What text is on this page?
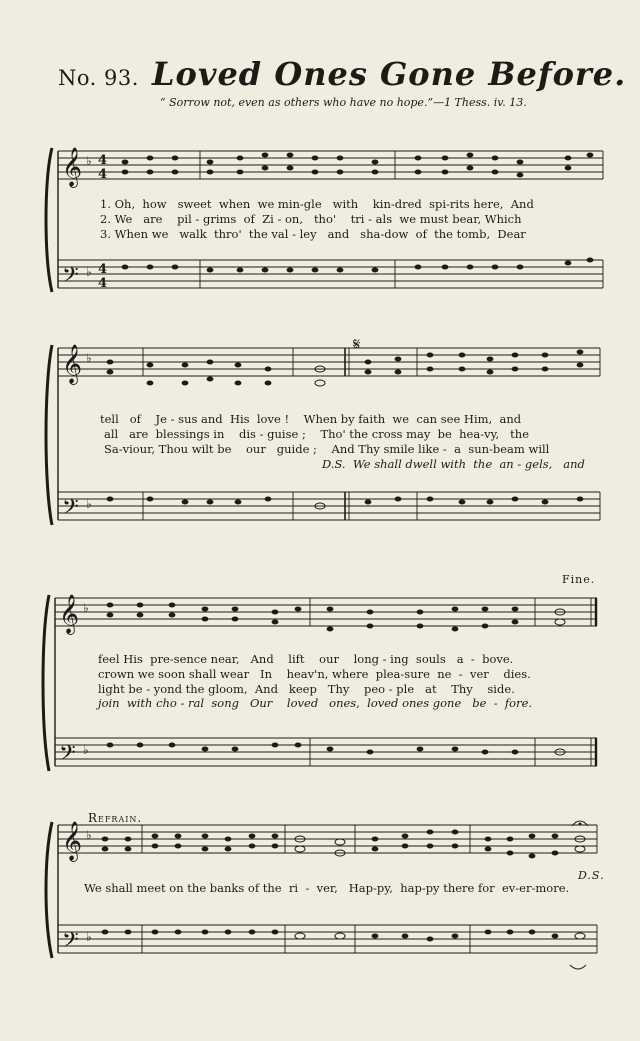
No. 93. Loved Ones Gone Before.
“ Sorrow not, even as others who have no hope.”—1 Thess. iv. 13.
𝄞
𝄢
♭
♭
4
4
4
4
1. Oh,  how   sweet  when  we min-gle   with    kin-dred  spi-rits here,  And
2. We   are    pil - grims  of  Zi - on,   tho'    tri - als  we must bear, Which
3. When we   walk  thro'  the val - ley   and   sha-dow  of  the tomb,  Dear
𝄞
𝄢
♭
♭
𝄋
tell   of    Je - sus and  His  love !    When by faith  we  can see Him,  and
all   are  blessings in    dis - guise ;    Tho' the cross may  be  hea-vy,   the
Sa-viour, Thou wilt be    our   guide ;    And Thy smile like -  a  sun-beam will
D.S.  We shall dwell with  the  an - gels,   and
𝄞
𝄢
♭
♭
Fine.
feel His  pre-sence near,   And    lift    our    long - ing  souls   a  -  bove.
crown we soon shall wear   In    heav'n, where  plea-sure  ne  -  ver    dies.
light be - yond the gloom,  And   keep   Thy    peo - ple   at    Thy    side.
join  with cho - ral  song   Our    loved   ones,  loved ones gone   be  -  fore.
𝄞
𝄢
♭
♭
Refrain.
D.S.
We shall meet on the banks of the  ri  -  ver,   Hap-py,  hap-py there for  ev-er-more.
